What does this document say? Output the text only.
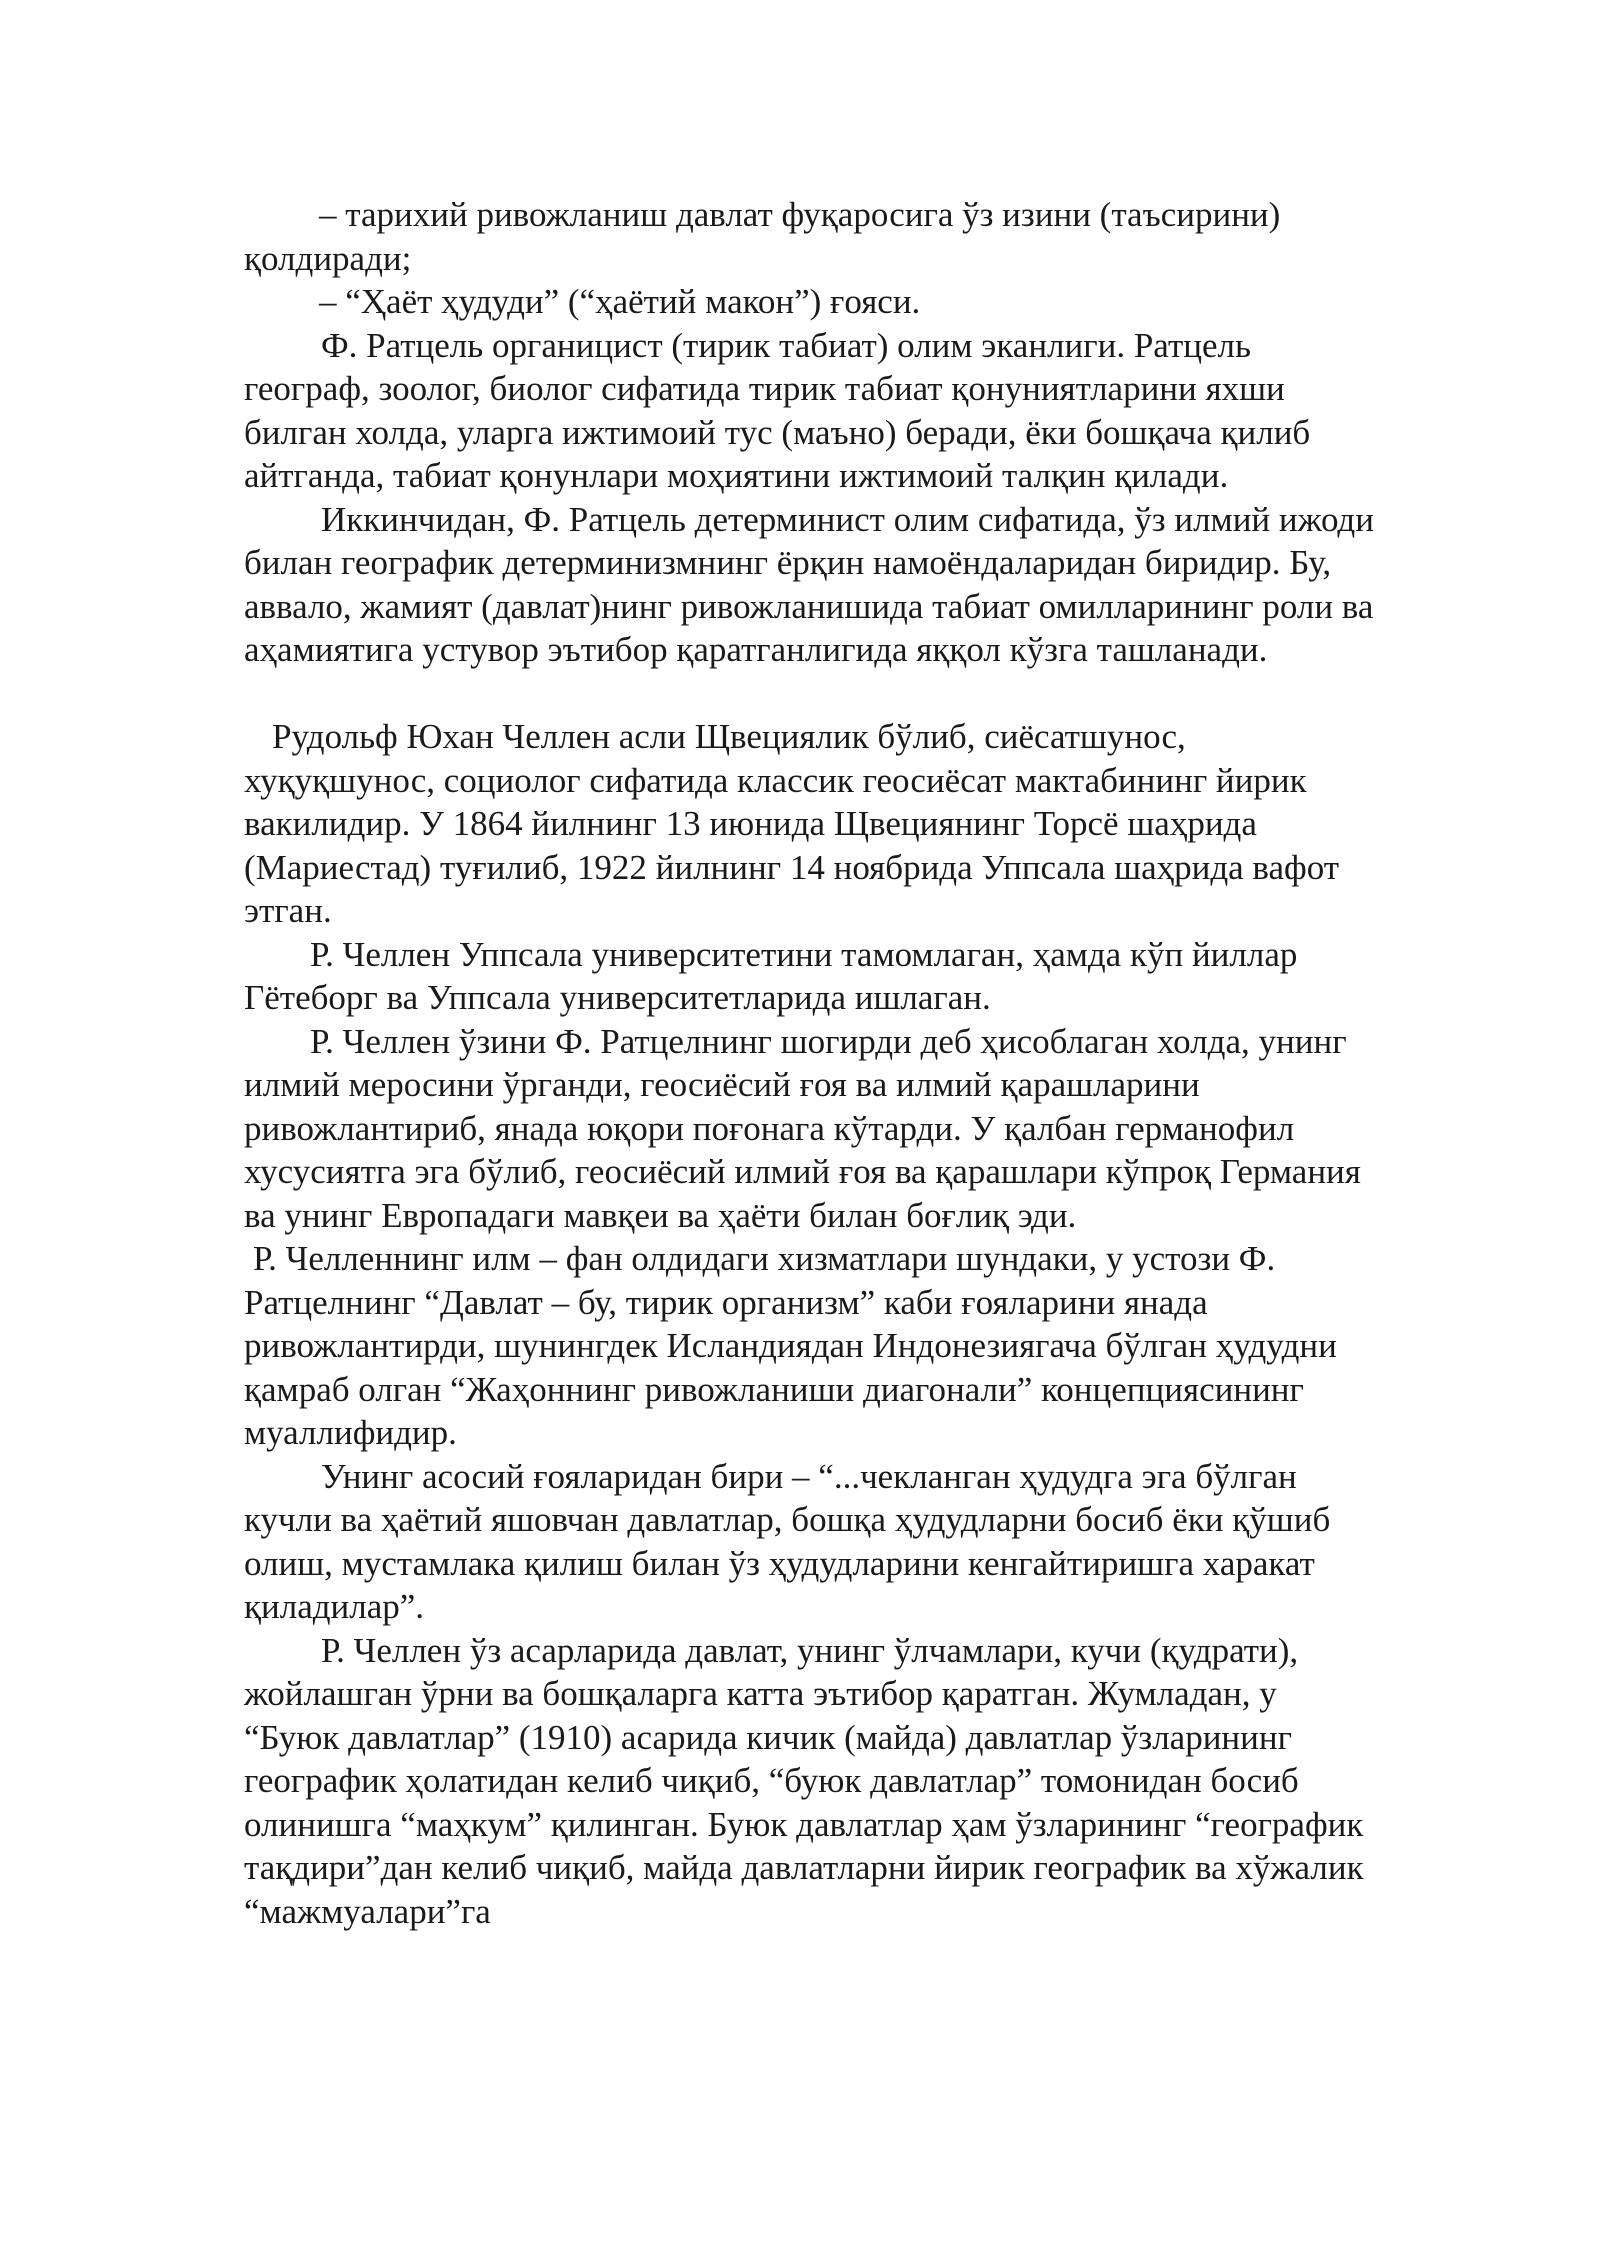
– тарихий ривожланиш давлат фуқаросига ўз изини (таъсирини) қолдиради;

– “Ҳаёт ҳудуди” (“ҳаётий макон”) ғояси.

Ф. Ратцель органицист (тирик табиат) олим эканлиги. Ратцель географ, зоолог, биолог сифатида тирик табиат қонуниятларини яхши билган холда, уларга ижтимоий тус (маъно) беради, ёки бошқача қилиб айтганда, табиат қонунлари моҳиятини ижтимоий талқин қилади.

Иккинчидан, Ф. Ратцель детерминист олим сифатида, ўз илмий ижоди билан географик детерминизмнинг ёрқин намоёндаларидан биридир. Бу, аввало, жамият (давлат)нинг ривожланишида табиат омилларининг роли ва аҳамиятига устувор эътибор қаратганлигида яққол кўзга ташланади.

Рудольф Юхан Челлен асли Щвециялик бўлиб, сиёсатшунос, хуқуқшунос, социолог сифатида классик геосиёсат мактабининг йирик вакилидир. У 1864 йилнинг 13 июнида Щвециянинг Торсё шаҳрида (Мариестад) туғилиб, 1922 йилнинг 14 ноябрида Уппсала шаҳрида вафот этган.

Р. Челлен Уппсала университетини тамомлаган, ҳамда кўп йиллар Гётеборг ва Уппсала университетларида ишлаган.

Р. Челлен ўзини Ф. Ратцелнинг шогирди деб ҳисоблаган холда, унинг илмий меросини ўрганди, геосиёсий ғоя ва илмий қарашларини ривожлантириб, янада юқори поғонага кўтарди. У қалбан германофил хусусиятга эга бўлиб, геосиёсий илмий ғоя ва қарашлари кўпроқ Германия ва унинг Европадаги мавқеи ва ҳаёти билан боғлиқ эди.

Р. Челленнинг илм – фан олдидаги хизматлари шундаки, у устози Ф. Ратцелнинг “Давлат – бу, тирик организм” каби ғояларини янада ривожлантирди, шунингдек Исландиядан Индонезиягача бўлган ҳудудни қамраб олган “Жаҳоннинг ривожланиши диагонали” концепциясининг муаллифидир.

Унинг асосий ғояларидан бири – “...чекланган ҳудудга эга бўлган кучли ва ҳаётий яшовчан давлатлар, бошқа ҳудудларни босиб ёки қўшиб олиш, мустамлака қилиш билан ўз ҳудудларини кенгайтиришга харакат қиладилар”.

Р. Челлен ўз асарларида давлат, унинг ўлчамлари, кучи (қудрати), жойлашган ўрни ва бошқаларга катта эътибор қаратган. Жумладан, у “Буюк давлатлар” (1910) асарида кичик (майда) давлатлар ўзларининг географик ҳолатидан келиб чиқиб, “буюк давлатлар” томонидан босиб олинишга “маҳкум” қилинган. Буюк давлатлар ҳам ўзларининг “географик тақдири”дан келиб чиқиб, майда давлатларни йирик географик ва хўжалик “мажмуалари”га
